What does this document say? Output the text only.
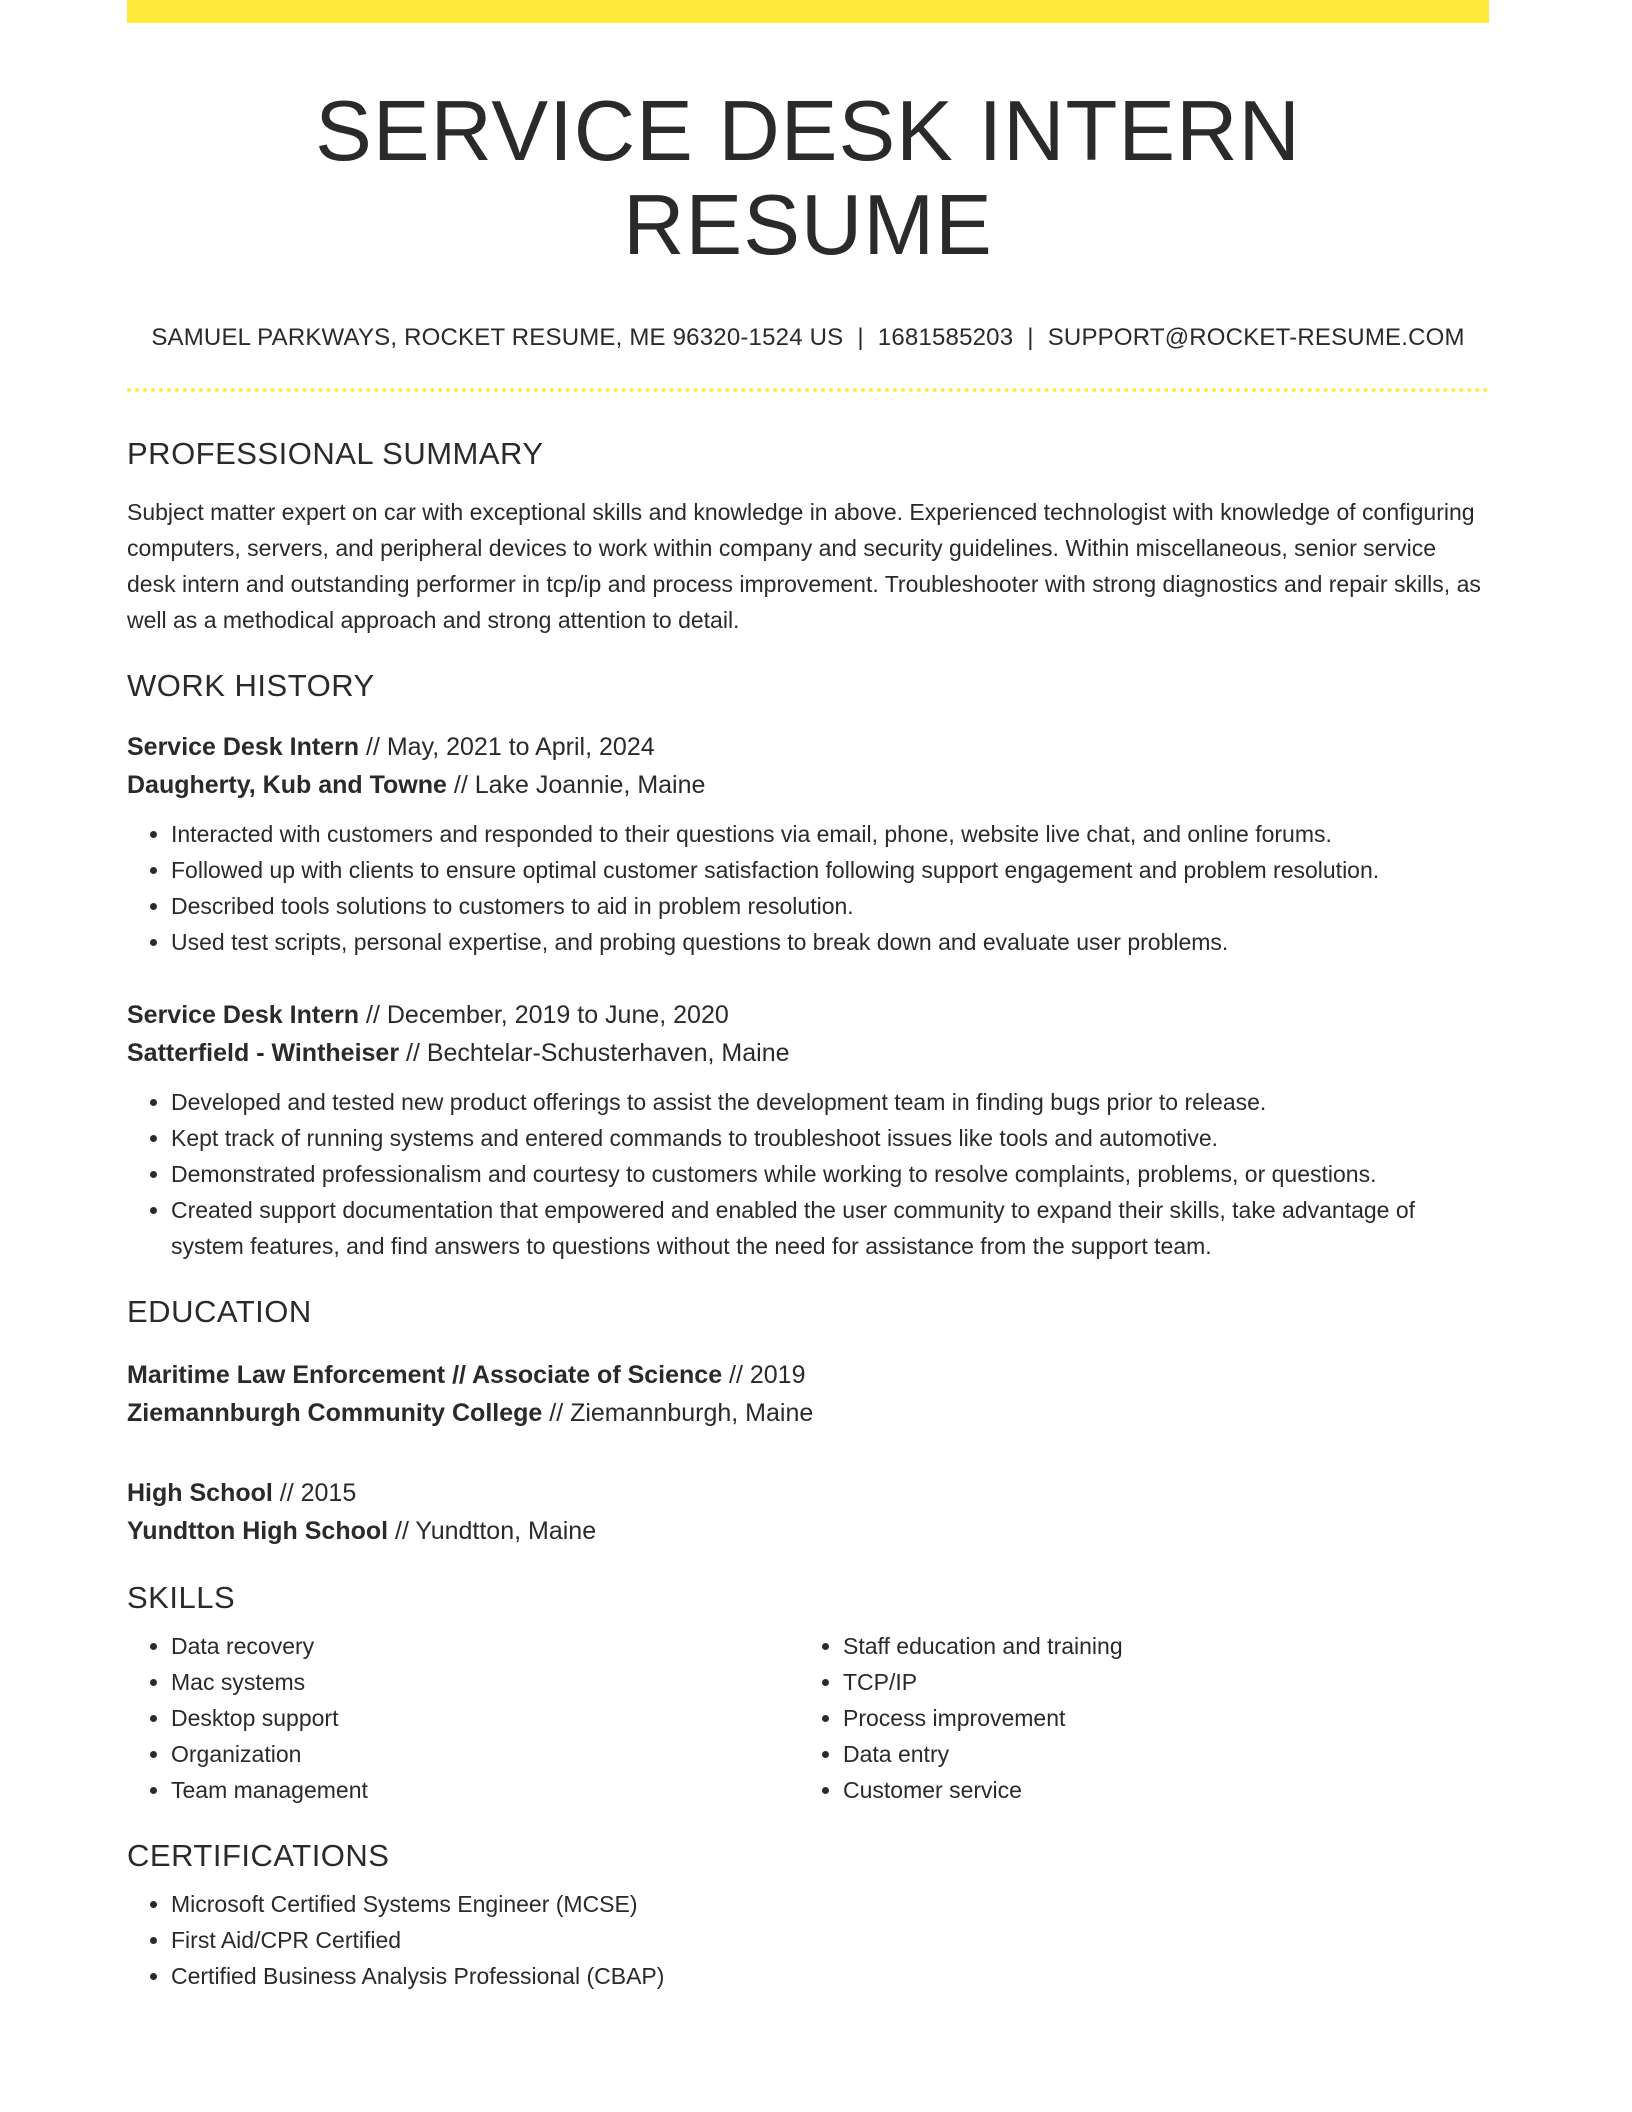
SERVICE DESK INTERN RESUME
SAMUEL PARKWAYS, ROCKET RESUME, ME 96320-1524 US | 1681585203 | SUPPORT@ROCKET-RESUME.COM
PROFESSIONAL SUMMARY

Subject matter expert on car with exceptional skills and knowledge in above. Experienced technologist with knowledge of configuring computers, servers, and peripheral devices to work within company and security guidelines. Within miscellaneous, senior service desk intern and outstanding performer in tcp/ip and process improvement. Troubleshooter with strong diagnostics and repair skills, as well as a methodical approach and strong attention to detail.

WORK HISTORY
Service Desk Intern // May, 2021 to April, 2024
Daugherty, Kub and Towne // Lake Joannie, Maine
• Interacted with customers and responded to their questions via email, phone, website live chat, and online forums.
• Followed up with clients to ensure optimal customer satisfaction following support engagement and problem resolution.
• Described tools solutions to customers to aid in problem resolution.
• Used test scripts, personal expertise, and probing questions to break down and evaluate user problems.
Service Desk Intern // December, 2019 to June, 2020
Satterfield - Wintheiser // Bechtelar-Schusterhaven, Maine
• Developed and tested new product offerings to assist the development team in finding bugs prior to release.
• Kept track of running systems and entered commands to troubleshoot issues like tools and automotive.
• Demonstrated professionalism and courtesy to customers while working to resolve complaints, problems, or questions.
• Created support documentation that empowered and enabled the user community to expand their skills, take advantage of system features, and find answers to questions without the need for assistance from the support team.
EDUCATION
Maritime Law Enforcement // Associate of Science // 2019
Ziemannburgh Community College // Ziemannburgh, Maine
High School // 2015
Yundtton High School // Yundtton, Maine
SKILLS
• Data recovery
• Mac systems
• Desktop support
• Organization
• Team management
• Staff education and training
• TCP/IP
• Process improvement
• Data entry
• Customer service
CERTIFICATIONS
• Microsoft Certified Systems Engineer (MCSE)
• First Aid/CPR Certified
• Certified Business Analysis Professional (CBAP)
